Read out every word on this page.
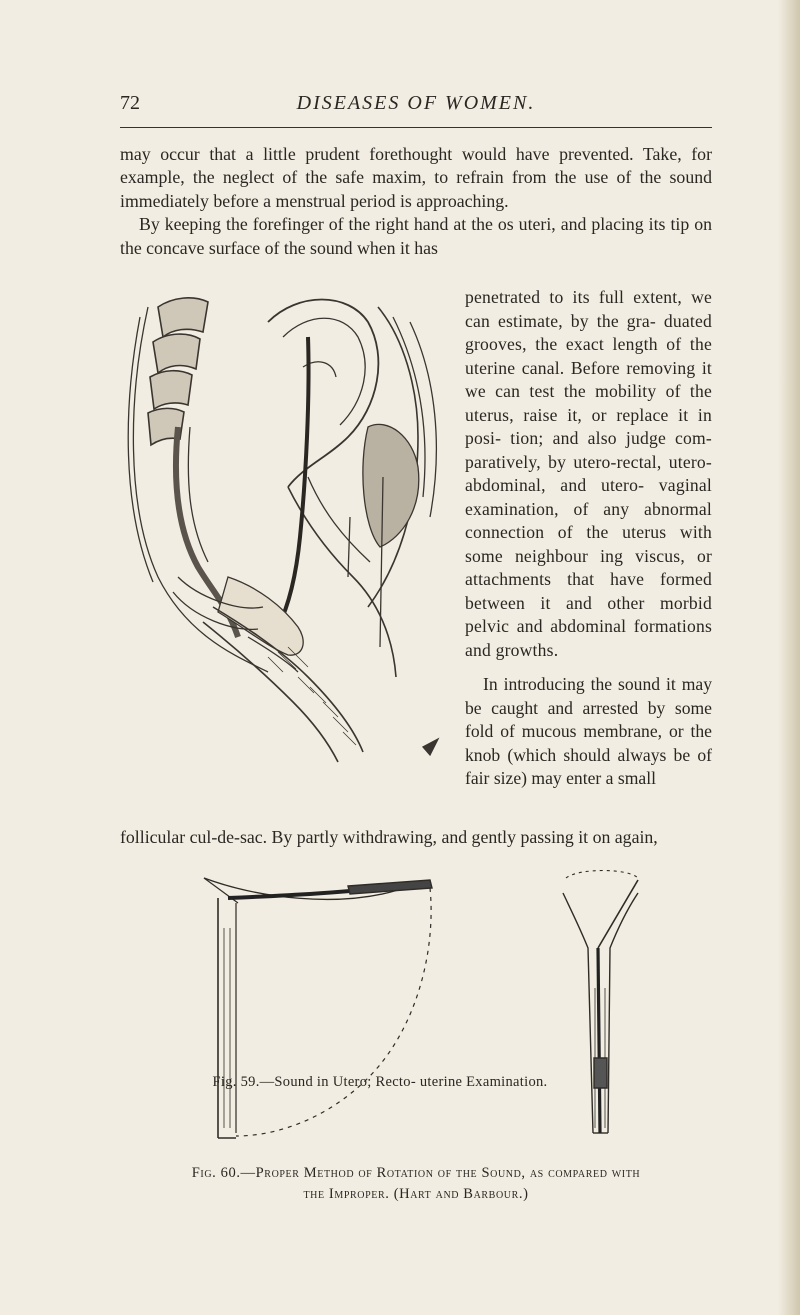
72	DISEASES OF WOMEN.

may occur that a little prudent forethought would have prevented. Take, for example, the neglect of the safe maxim, to refrain from the use of the sound immediately before a menstrual period is approaching.

By keeping the forefinger of the right hand at the os uteri, and placing its tip on the concave surface of the sound when it has

Fig. 59.—Sound in Utero; Recto- uterine Examination.

penetrated to its full extent, we can estimate, by the gra- duated grooves, the exact length of the uterine canal. Before removing it we can test the mobility of the uterus, raise it, or replace it in posi- tion; and also judge com- paratively, by utero-rectal, utero-abdominal, and utero- vaginal examination, of any abnormal connection of the uterus with some neighbour ing viscus, or attachments that have formed between it and other morbid pelvic and abdominal formations and growths.

In introducing the sound it may be caught and arrested by some fold of mucous membrane, or the knob (which should always be of fair size) may enter a small

follicular cul-de-sac. By partly withdrawing, and gently passing it on again,

Fig. 60.—Proper Method of Rotation of the Sound, as compared with
the Improper. (Hart and Barbour.)
